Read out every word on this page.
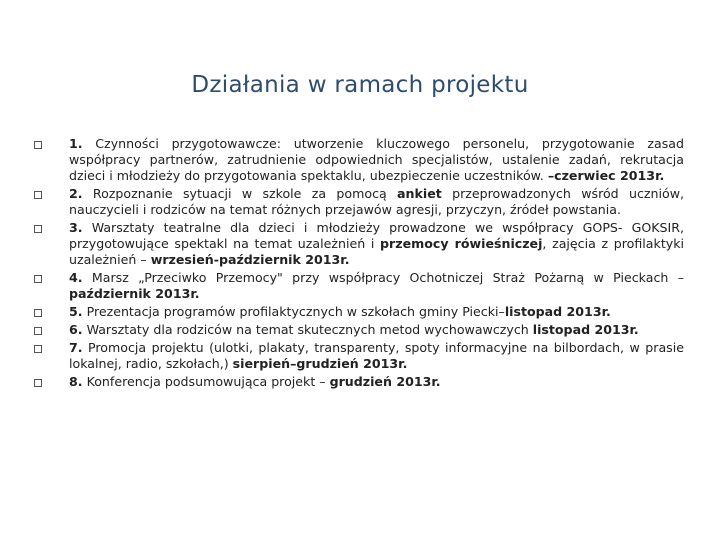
Działania w ramach projektu
1. Czynności przygotowawcze: utworzenie kluczowego personelu, przygotowanie zasad współpracy partnerów, zatrudnienie odpowiednich specjalistów, ustalenie zadań, rekrutacja dzieci i młodzieży do przygotowania spektaklu, ubezpieczenie uczestników. –czerwiec 2013r.
2. Rozpoznanie sytuacji w szkole za pomocą ankiet przeprowadzonych wśród uczniów, nauczycieli i rodziców na temat różnych przejawów agresji, przyczyn, źródeł powstania.
3. Warsztaty teatralne dla dzieci i młodzieży prowadzone we współpracy GOPS- GOKSIR, przygotowujące spektakl na temat uzależnień i przemocy rówieśniczej, zajęcia z profilaktyki uzależnień – wrzesień-październik 2013r.
4. Marsz „Przeciwko Przemocy" przy współpracy Ochotniczej Straż Pożarną w Pieckach – październik 2013r.
5. Prezentacja programów profilaktycznych w szkołach gminy Piecki–listopad 2013r.
6. Warsztaty dla rodziców na temat skutecznych metod wychowawczych listopad 2013r.
7. Promocja projektu (ulotki, plakaty, transparenty, spoty informacyjne na bilbordach, w prasie lokalnej, radio, szkołach,) sierpień–grudzień 2013r.
8. Konferencja podsumowująca projekt – grudzień 2013r.
